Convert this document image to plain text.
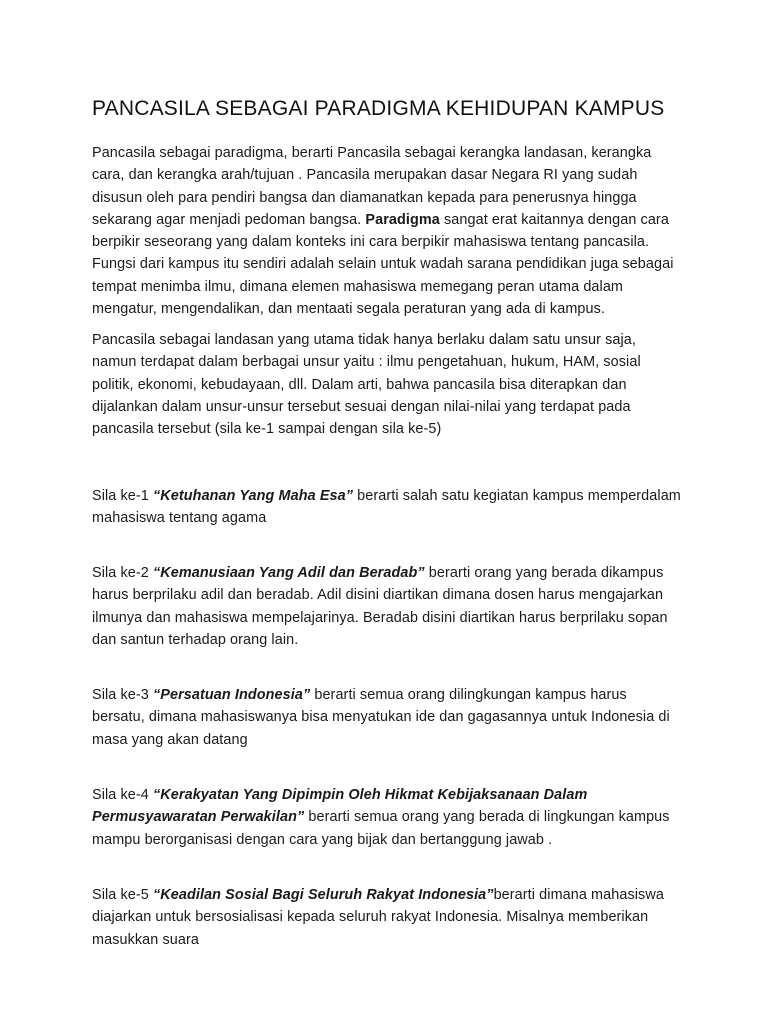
PANCASILA SEBAGAI PARADIGMA KEHIDUPAN KAMPUS

Pancasila sebagai paradigma, berarti Pancasila sebagai kerangka landasan, kerangka cara, dan kerangka arah/tujuan . Pancasila merupakan dasar Negara RI yang sudah disusun oleh para pendiri bangsa dan diamanatkan kepada para penerusnya hingga sekarang agar menjadi pedoman bangsa. Paradigma sangat erat kaitannya dengan cara berpikir seseorang yang dalam konteks ini cara berpikir mahasiswa tentang pancasila. Fungsi dari kampus itu sendiri adalah selain untuk wadah sarana pendidikan juga sebagai tempat menimba ilmu, dimana elemen mahasiswa memegang peran utama dalam mengatur, mengendalikan, dan mentaati segala peraturan yang ada di kampus.

Pancasila sebagai landasan yang utama tidak hanya berlaku dalam satu unsur saja, namun terdapat dalam berbagai unsur yaitu : ilmu pengetahuan, hukum, HAM, sosial politik, ekonomi, kebudayaan, dll. Dalam arti, bahwa pancasila bisa diterapkan dan dijalankan dalam unsur-unsur tersebut sesuai dengan nilai-nilai yang terdapat pada pancasila tersebut (sila ke-1 sampai dengan sila ke-5)

Sila ke-1 “Ketuhanan Yang Maha Esa” berarti salah satu kegiatan kampus memperdalam mahasiswa tentang agama

Sila ke-2 “Kemanusiaan Yang Adil dan Beradab” berarti orang yang berada dikampus harus berprilaku adil dan beradab. Adil disini diartikan dimana dosen harus mengajarkan ilmunya dan mahasiswa mempelajarinya. Beradab disini diartikan harus berprilaku sopan dan santun terhadap orang lain.

Sila ke-3 “Persatuan Indonesia” berarti semua orang dilingkungan kampus harus bersatu, dimana mahasiswanya bisa menyatukan ide dan gagasannya untuk Indonesia di masa yang akan datang

Sila ke-4 “Kerakyatan Yang Dipimpin Oleh Hikmat Kebijaksanaan Dalam Permusyawaratan Perwakilan” berarti semua orang yang berada di lingkungan kampus mampu berorganisasi dengan cara yang bijak dan bertanggung jawab .

Sila ke-5 “Keadilan Sosial Bagi Seluruh Rakyat Indonesia”berarti dimana mahasiswa diajarkan untuk bersosialisasi kepada seluruh rakyat Indonesia. Misalnya memberikan masukkan suara
